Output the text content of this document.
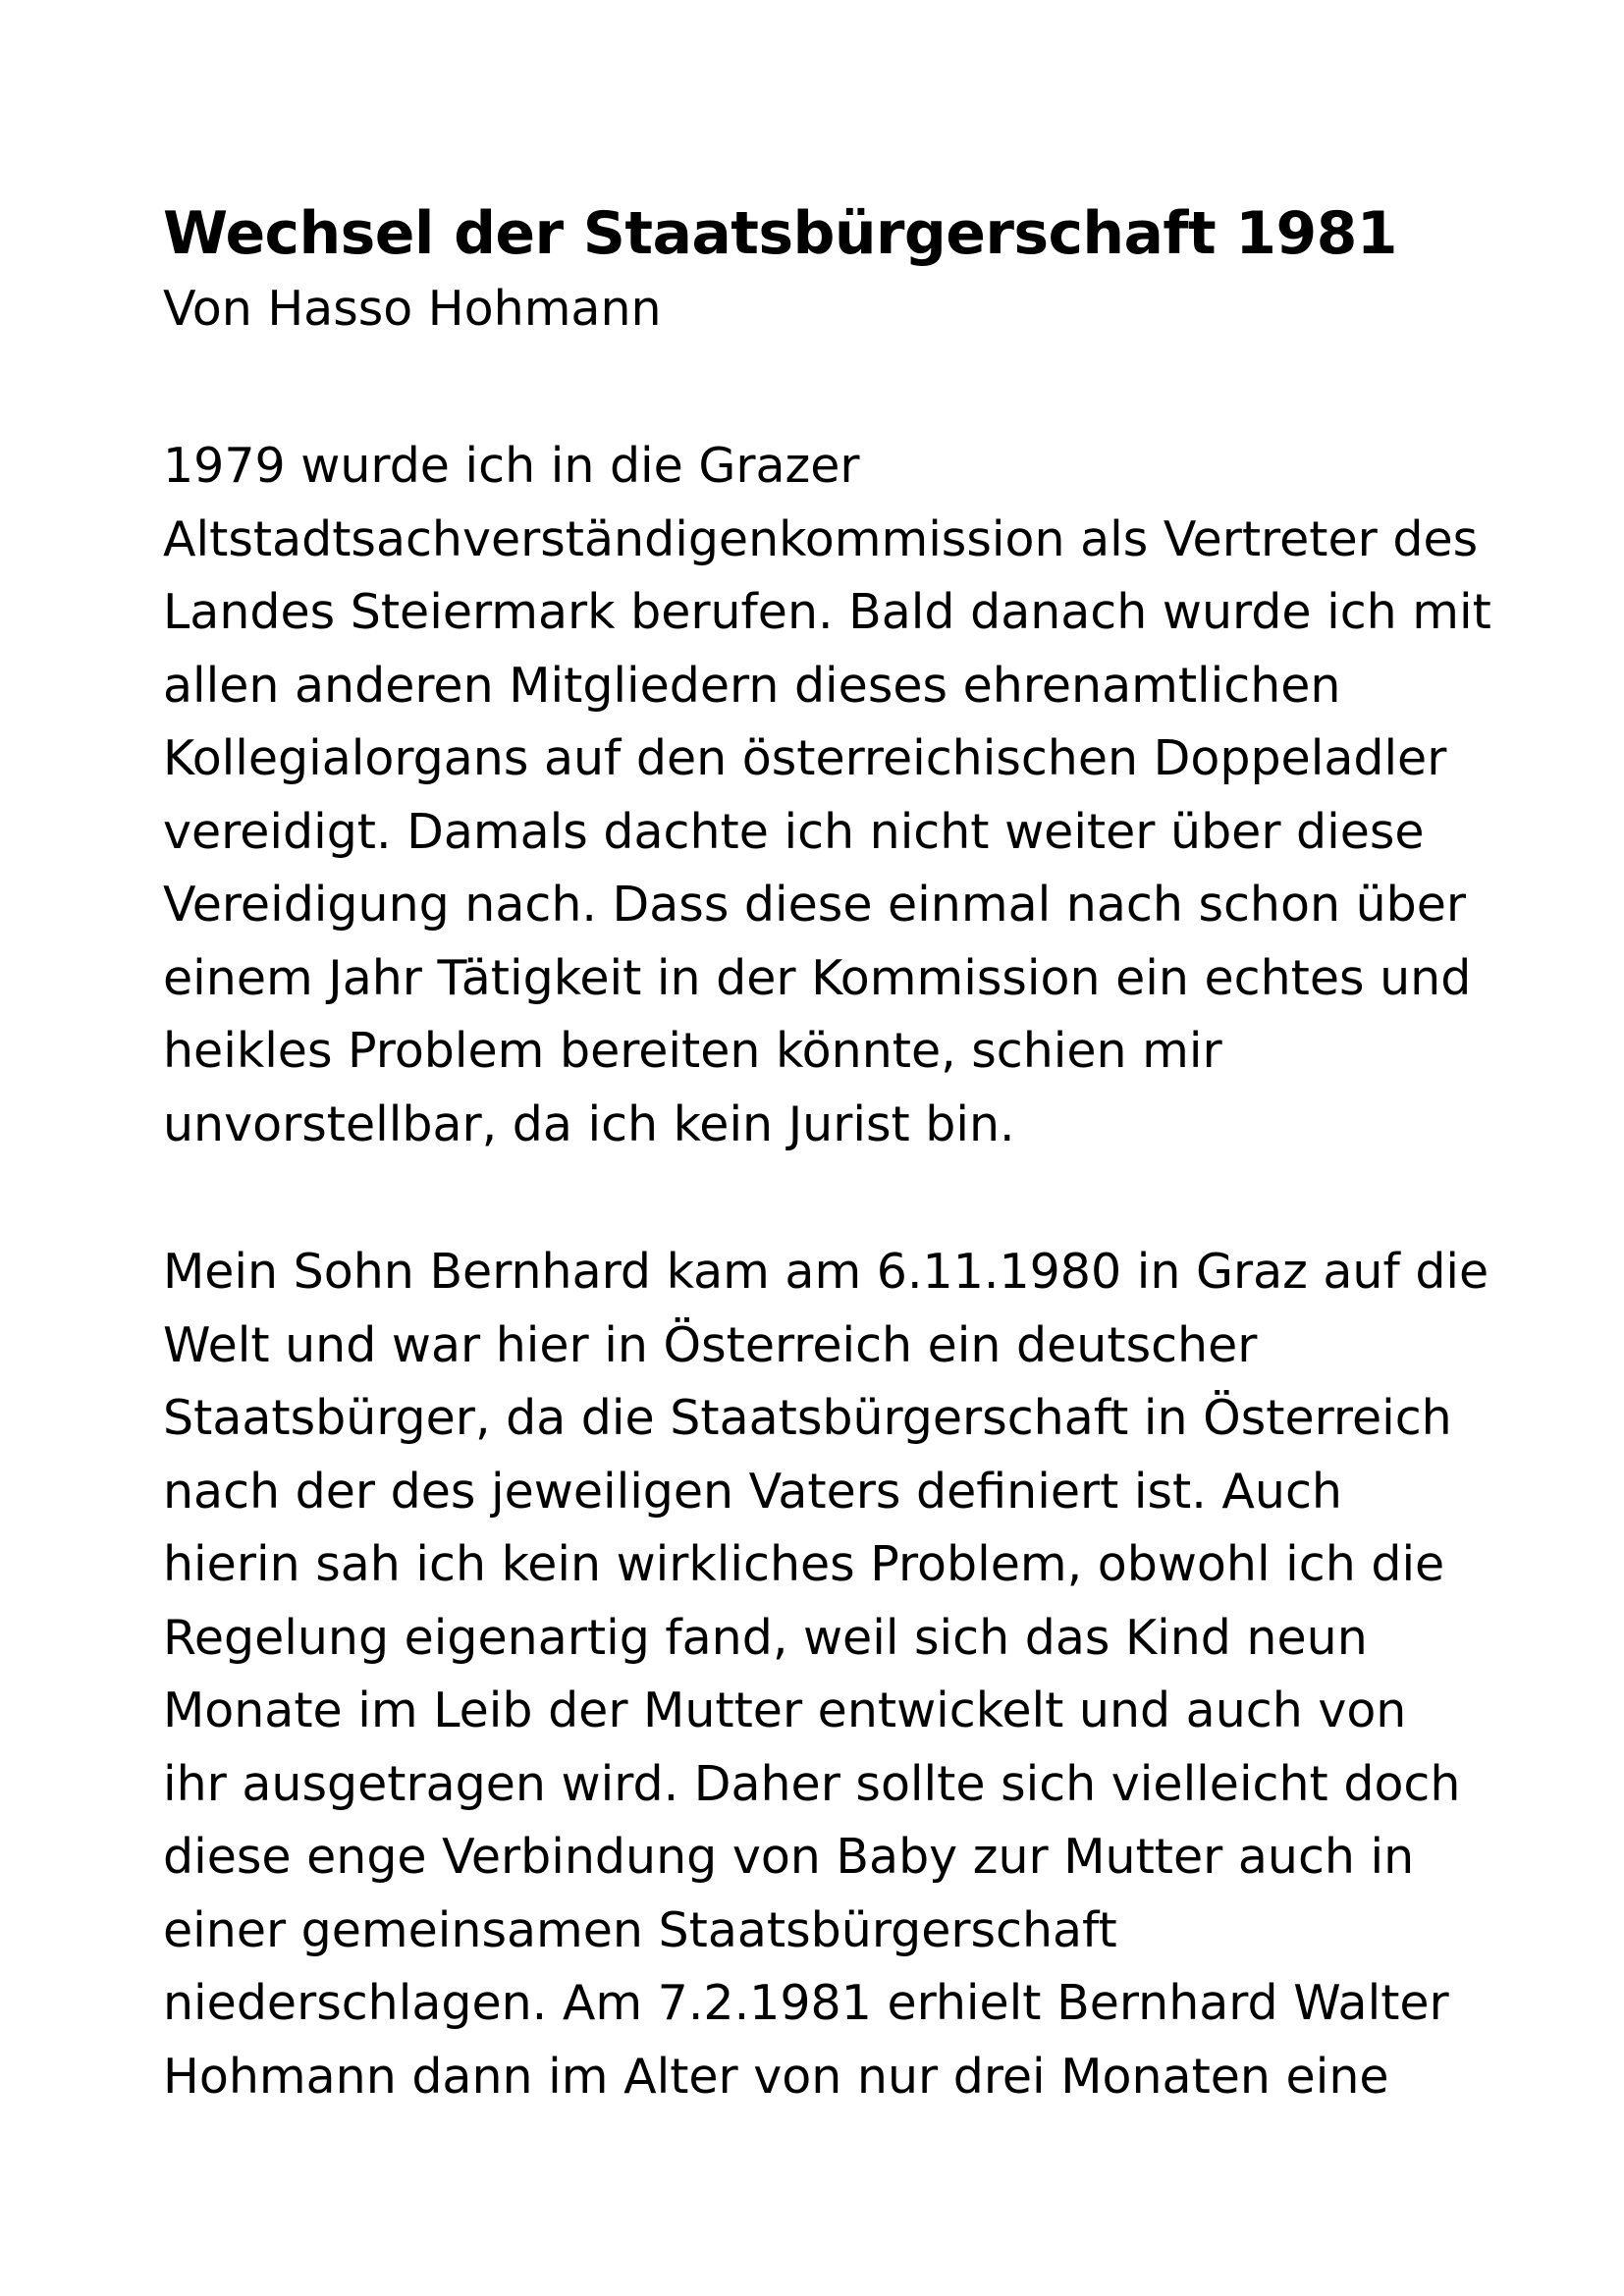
Wechsel der Staatsbürgerschaft 1981

Von Hasso Hohmann

1979 wurde ich in die Grazer
Altstadtsachverständigenkommission als Vertreter des
Landes Steiermark berufen. Bald danach wurde ich mit
allen anderen Mitgliedern dieses ehrenamtlichen
Kollegialorgans auf den österreichischen Doppeladler
vereidigt. Damals dachte ich nicht weiter über diese
Vereidigung nach. Dass diese einmal nach schon über
einem Jahr Tätigkeit in der Kommission ein echtes und
heikles Problem bereiten könnte, schien mir
unvorstellbar, da ich kein Jurist bin.
Mein Sohn Bernhard kam am 6.11.1980 in Graz auf die
Welt und war hier in Österreich ein deutscher
Staatsbürger, da die Staatsbürgerschaft in Österreich
nach der des jeweiligen Vaters definiert ist. Auch
hierin sah ich kein wirkliches Problem, obwohl ich die
Regelung eigenartig fand, weil sich das Kind neun
Monate im Leib der Mutter entwickelt und auch von
ihr ausgetragen wird. Daher sollte sich vielleicht doch
diese enge Verbindung von Baby zur Mutter auch in
einer gemeinsamen Staatsbürgerschaft
niederschlagen. Am 7.2.1981 erhielt Bernhard Walter
Hohmann dann im Alter von nur drei Monaten eine
